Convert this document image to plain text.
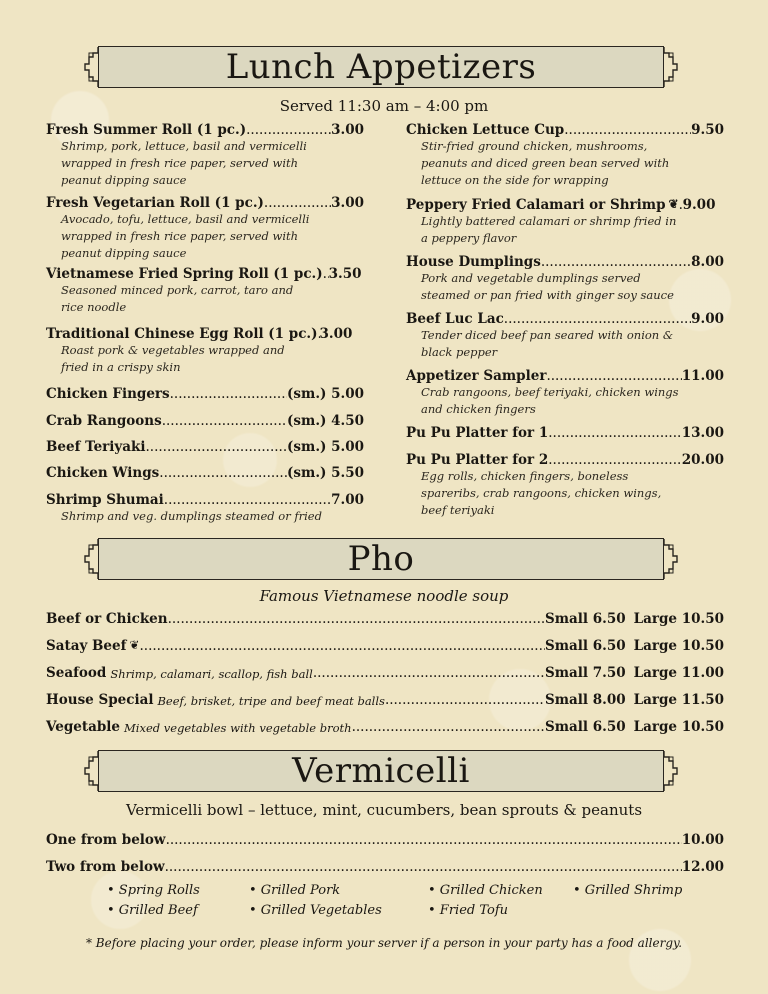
Lunch Appetizers
Served 11:30 am – 4:00 pm
Fresh Summer Roll (1 pc.) .....	3.00
Shrimp, pork, lettuce, basil and vermicelli
wrapped in fresh rice paper, served with
peanut dipping sauce
Fresh Vegetarian Roll (1 pc.) .....	3.00
Avocado, tofu, lettuce, basil and vermicelli
wrapped in fresh rice paper, served with
peanut dipping sauce
Vietnamese Fried Spring Roll (1 pc.) ..... 3.50
Seasoned minced pork, carrot, taro and
rice noodle
Traditional Chinese Egg Roll (1 pc.) ..... 3.00
Roast pork & vegetables wrapped and
fried in a crispy skin
Chicken Fingers .....	(sm.) 5.00
Crab Rangoons .....	(sm.) 4.50
Beef Teriyaki .....	(sm.) 5.00
Chicken Wings .....	(sm.) 5.50
Shrimp Shumai .....	7.00
Shrimp and veg. dumplings steamed or fried
Chicken Lettuce Cup .....	9.50
Stir-fried ground chicken, mushrooms,
peanuts and diced green bean served with
lettuce on the side for wrapping
Peppery Fried Calamari or Shrimp ❦ ..... 9.00
Lightly battered calamari or shrimp fried in
a peppery flavor
House Dumplings .....	8.00
Pork and vegetable dumplings served
steamed or pan fried with ginger soy sauce
Beef Luc Lac .....	9.00
Tender diced beef pan seared with onion &
black pepper
Appetizer Sampler .....	11.00
Crab rangoons, beef teriyaki, chicken wings
and chicken fingers
Pu Pu Platter for 1 .....	13.00
Pu Pu Platter for 2 .....	20.00
Egg rolls, chicken fingers, boneless
spareribs, crab rangoons, chicken wings,
beef teriyaki
Pho
Famous Vietnamese noodle soup
Beef or Chicken .....	Small 6.50 Large 10.50
Satay Beef ❦ .....	Small 6.50 Large 10.50
Seafood Shrimp, calamari, scallop, fish ball .....	Small 7.50 Large 11.00
House Special Beef, brisket, tripe and beef meat balls .....	Small 8.00 Large 11.50
Vegetable Mixed vegetables with vegetable broth .....	Small 6.50 Large 10.50
Vermicelli
Vermicelli bowl – lettuce, mint, cucumbers, bean sprouts & peanuts
One from below .....	10.00
Two from below .....	12.00
• Spring Rolls	• Grilled Pork	• Grilled Chicken • Grilled Shrimp
• Grilled Beef	• Grilled Vegetables	• Fried Tofu
* Before placing your order, please inform your server if a person in your party has a food allergy.
